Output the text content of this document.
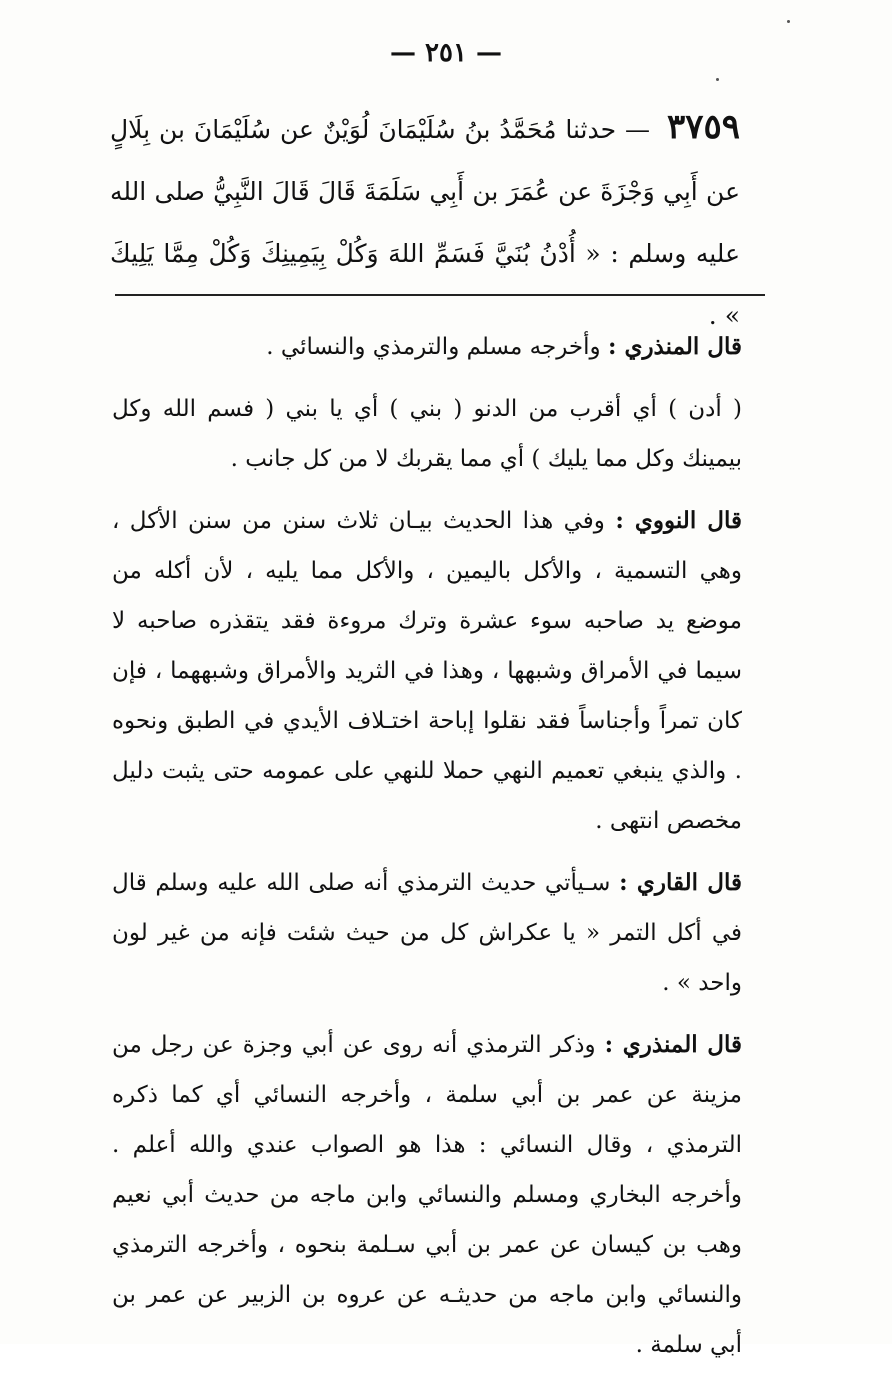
— ٢٥١ —
٣٧٥٩ — حدثنا مُحَمَّدُ بنُ سُلَيْمَانَ لُوَيْنٌ عن سُلَيْمَانَ بن بِلَالٍ عن أَبِي وَجْزَةَ عن عُمَرَ بن أَبِي سَلَمَةَ قَالَ قَالَ النَّبِيُّ صلى الله عليه وسلم : « أُدْنُ بُنَيَّ فَسَمِّ اللهَ وَكُلْ بِيَمِينِكَ وَكُلْ مِمَّا يَلِيكَ » .

قال المنذري : وأخرجه مسلم والترمذي والنسائي .

( أدن ) أي أقرب من الدنو ( بني ) أي يا بني ( فسم الله وكل بيمينك وكل مما يليك ) أي مما يقربك لا من كل جانب .

قال النووي : وفي هذا الحديث بيـان ثلاث سنن من سنن الأكل ، وهي التسمية ، والأكل باليمين ، والأكل مما يليه ، لأن أكله من موضع يد صاحبه سوء عشرة وترك مروءة فقد يتقذره صاحبه لا سيما في الأمراق وشبهها ، وهذا في الثريد والأمراق وشبههما ، فإن كان تمراً وأجناساً فقد نقلوا إباحة اختـلاف الأيدي في الطبق ونحوه . والذي ينبغي تعميم النهي حملا للنهي على عمومه حتى يثبت دليل مخصص انتهى .

قال القاري : سـيأتي حديث الترمذي أنه صلى الله عليه وسلم قال في أكل التمر « يا عكراش كل من حيث شئت فإنه من غير لون واحد » .

قال المنذري : وذكر الترمذي أنه روى عن أبي وجزة عن رجل من مزينة عن عمر بن أبي سلمة ، وأخرجه النسائي أي كما ذكره الترمذي ، وقال النسائي : هذا هو الصواب عندي والله أعلم . وأخرجه البخاري ومسلم والنسائي وابن ماجه من حديث أبي نعيم وهب بن كيسان عن عمر بن أبي سـلمة بنحوه ، وأخرجه الترمذي والنسائي وابن ماجه من حديثـه عن عروه بن الزبير عن عمر بن أبي سلمة .
